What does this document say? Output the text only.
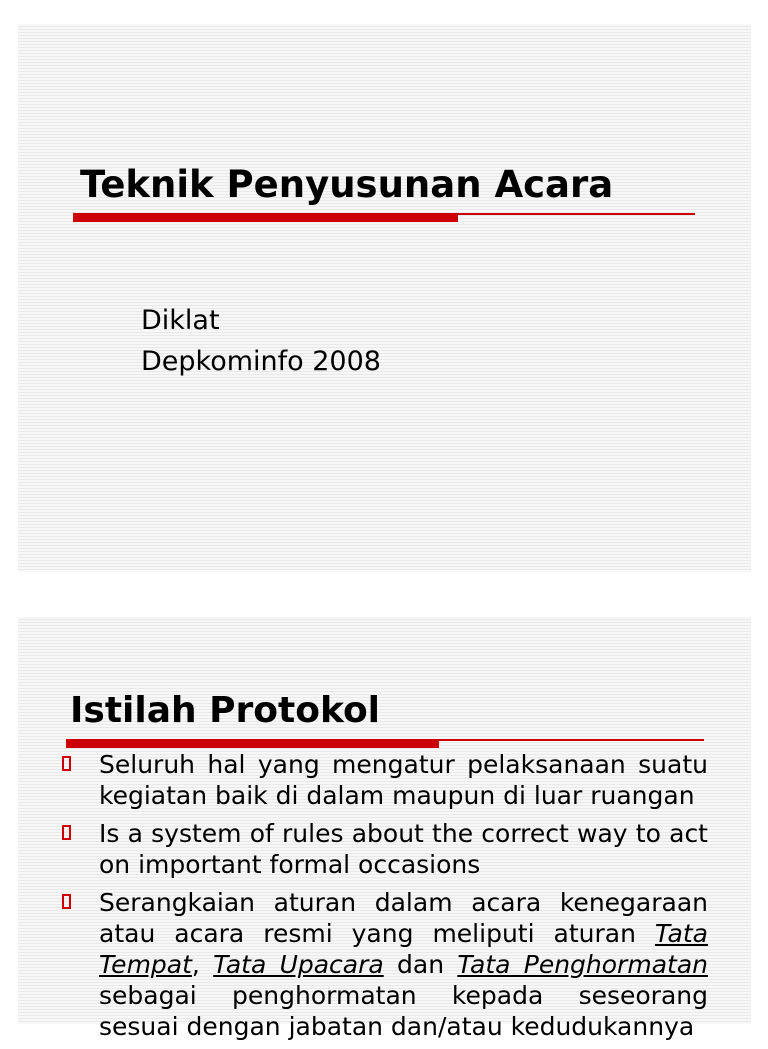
Teknik Penyusunan Acara
Diklat
Depkominfo 2008
Istilah Protokol
Seluruh hal yang mengatur pelaksanaan suatu kegiatan baik di dalam maupun di luar ruangan
Is a system of rules about the correct way to act on important formal occasions
Serangkaian aturan dalam acara kenegaraan atau acara resmi yang meliputi aturan Tata Tempat, Tata Upacara dan Tata Penghormatan sebagai penghormatan kepada seseorang sesuai dengan jabatan dan/atau kedudukannya
